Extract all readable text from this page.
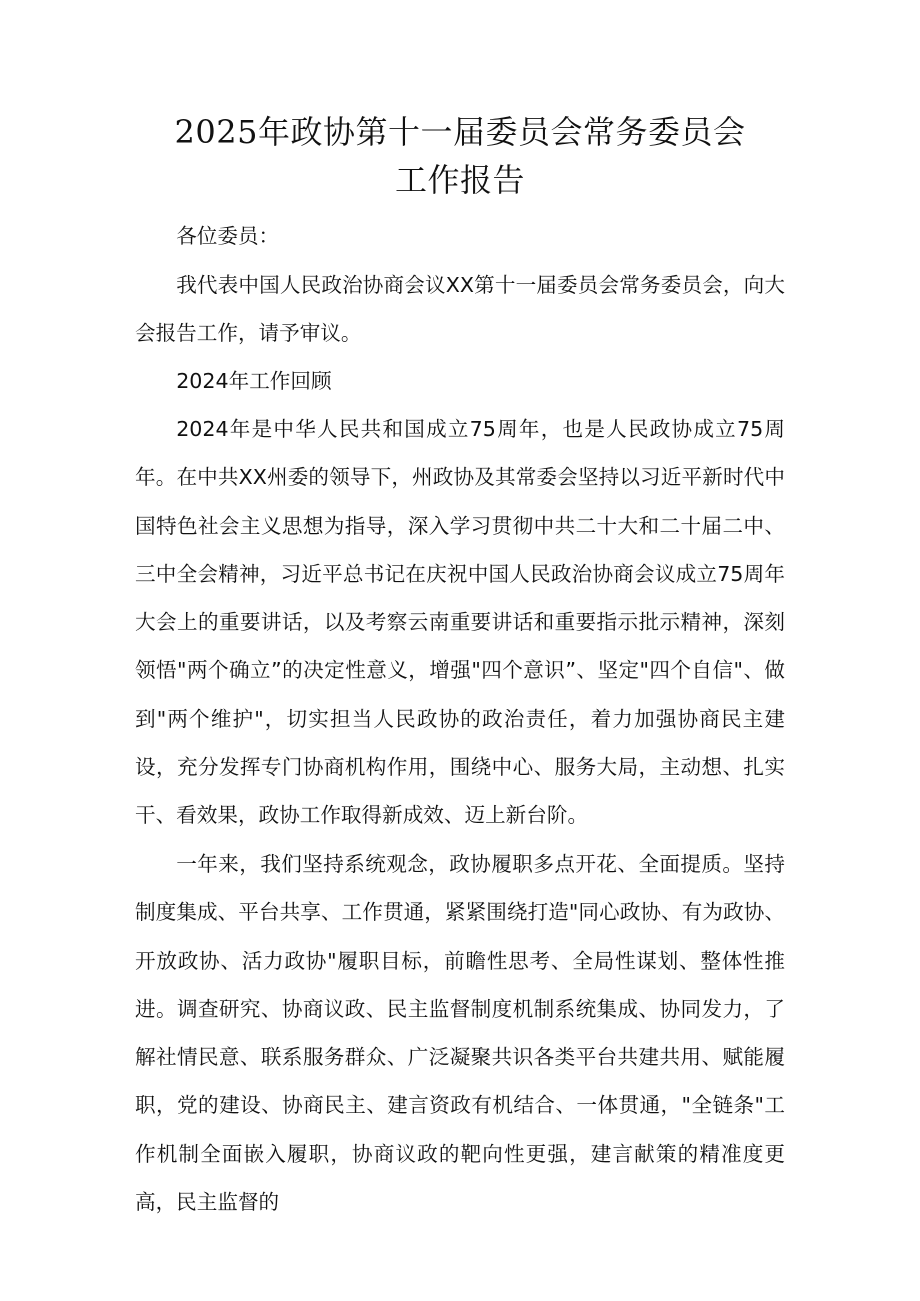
2025年政协第十一届委员会常务委员会
工作报告

各位委员：

我代表中国人民政治协商会议XX第十一届委员会常务委员会，向大会报告工作，请予审议。

2024年工作回顾

2024年是中华人民共和国成立75周年，也是人民政协成立75周年。在中共XX州委的领导下，州政协及其常委会坚持以习近平新时代中国特色社会主义思想为指导，深入学习贯彻中共二十大和二十届二中、三中全会精神，习近平总书记在庆祝中国人民政治协商会议成立75周年大会上的重要讲话，以及考察云南重要讲话和重要指示批示精神，深刻领悟"两个确立”的决定性意义，增强"四个意识”、坚定"四个自信"、做到"两个维护"，切实担当人民政协的政治责任，着力加强协商民主建设，充分发挥专门协商机构作用，围绕中心、服务大局，主动想、扎实干、看效果，政协工作取得新成效、迈上新台阶。

一年来，我们坚持系统观念，政协履职多点开花、全面提质。坚持制度集成、平台共享、工作贯通，紧紧围绕打造"同心政协、有为政协、开放政协、活力政协"履职目标，前瞻性思考、全局性谋划、整体性推进。调查研究、协商议政、民主监督制度机制系统集成、协同发力，了解社情民意、联系服务群众、广泛凝聚共识各类平台共建共用、赋能履职，党的建设、协商民主、建言资政有机结合、一体贯通，"全链条"工作机制全面嵌入履职，协商议政的靶向性更强，建言献策的精准度更高，民主监督的
